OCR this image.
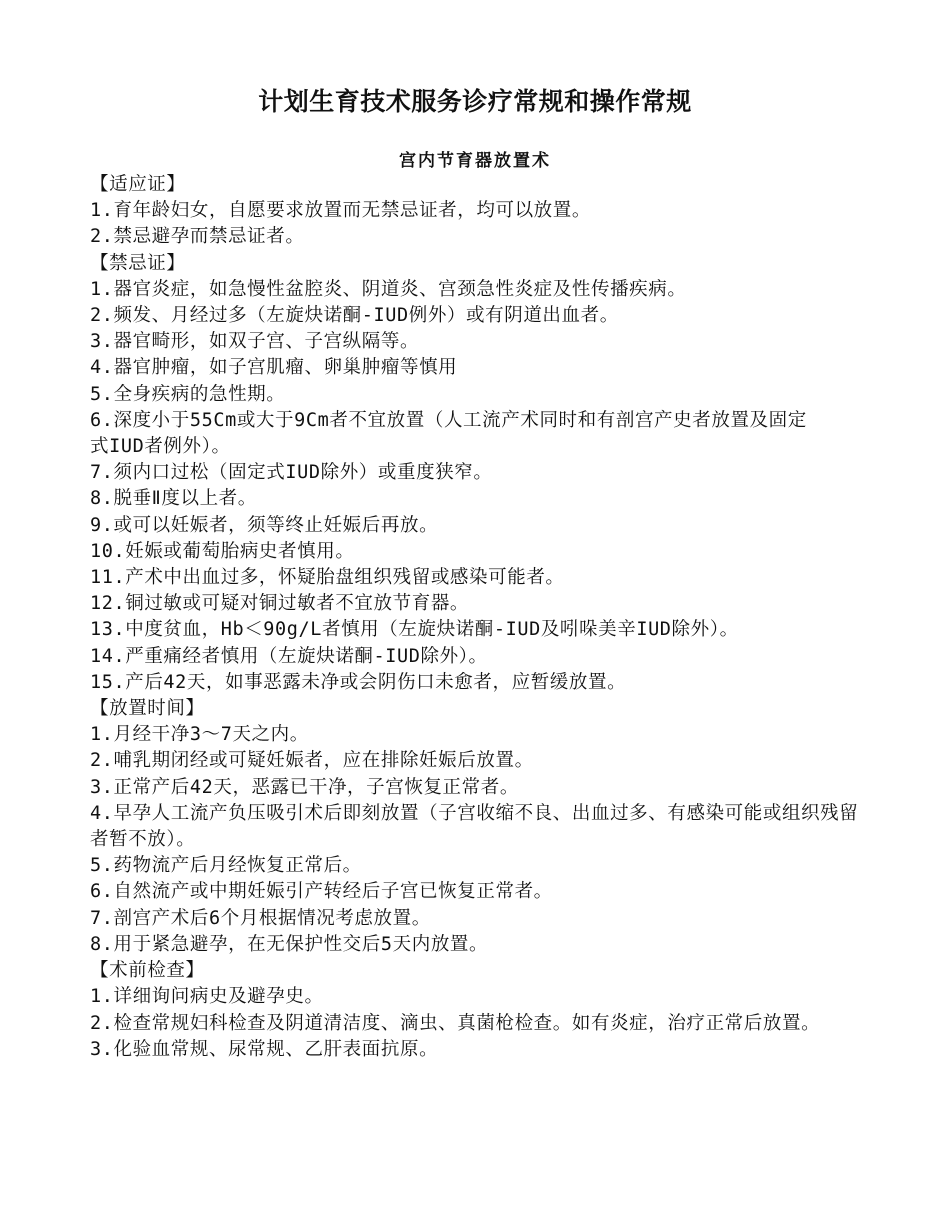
计划生育技术服务诊疗常规和操作常规
宫内节育器放置术

【适应证】

1.育年龄妇女，自愿要求放置而无禁忌证者，均可以放置。

2.禁忌避孕而禁忌证者。

【禁忌证】

1.器官炎症，如急慢性盆腔炎、阴道炎、宫颈急性炎症及性传播疾病。

2.频发、月经过多（左旋炔诺酮-IUD例外）或有阴道出血者。

3.器官畸形，如双子宫、子宫纵隔等。

4.器官肿瘤，如子宫肌瘤、卵巢肿瘤等慎用

5.全身疾病的急性期。

6.深度小于55Cm或大于9Cm者不宜放置（人工流产术同时和有剖宫产史者放置及固定

式IUD者例外）。

7.须内口过松（固定式IUD除外）或重度狭窄。

8.脱垂Ⅱ度以上者。

9.或可以妊娠者，须等终止妊娠后再放。

10.妊娠或葡萄胎病史者慎用。

11.产术中出血过多，怀疑胎盘组织残留或感染可能者。

12.铜过敏或可疑对铜过敏者不宜放节育器。

13.中度贫血，Hb＜90g/L者慎用（左旋炔诺酮-IUD及吲哚美辛IUD除外）。

14.严重痛经者慎用（左旋炔诺酮-IUD除外）。

15.产后42天，如事恶露未净或会阴伤口未愈者，应暂缓放置。

【放置时间】

1.月经干净3～7天之内。

2.哺乳期闭经或可疑妊娠者，应在排除妊娠后放置。

3.正常产后42天，恶露已干净，子宫恢复正常者。

4.早孕人工流产负压吸引术后即刻放置（子宫收缩不良、出血过多、有感染可能或组织残留者暂不放）。

5.药物流产后月经恢复正常后。

6.自然流产或中期妊娠引产转经后子宫已恢复正常者。

7.剖宫产术后6个月根据情况考虑放置。

8.用于紧急避孕，在无保护性交后5天内放置。

【术前检查】

1.详细询问病史及避孕史。

2.检查常规妇科检查及阴道清洁度、滴虫、真菌枪检查。如有炎症，治疗正常后放置。

3.化验血常规、尿常规、乙肝表面抗原。
